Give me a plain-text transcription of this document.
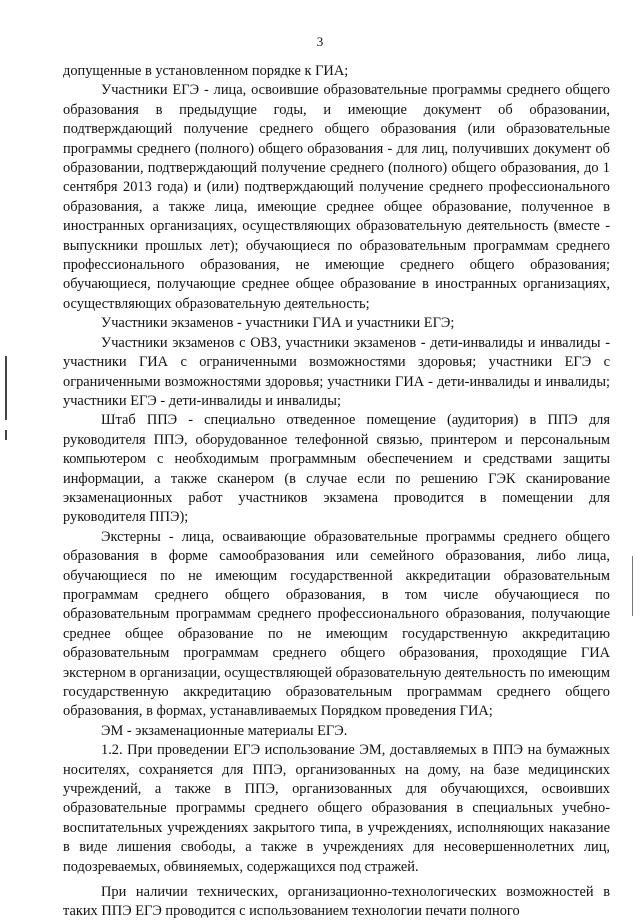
3

допущенные в установленном порядке к ГИА;

Участники ЕГЭ - лица, освоившие образовательные программы среднего общего образования в предыдущие годы, и имеющие документ об образовании, подтверждающий получение среднего общего образования (или образовательные программы среднего (полного) общего образования - для лиц, получивших документ об образовании, подтверждающий получение среднего (полного) общего образования, до 1 сентября 2013 года) и (или) подтверждающий получение среднего профессионального образования, а также лица, имеющие среднее общее образование, полученное в иностранных организациях, осуществляющих образовательную деятельность (вместе - выпускники прошлых лет); обучающиеся по образовательным программам среднего профессионального образования, не имеющие среднего общего образования; обучающиеся, получающие среднее общее образование в иностранных организациях, осуществляющих образовательную деятельность;

Участники экзаменов - участники ГИА и участники ЕГЭ;

Участники экзаменов с ОВЗ, участники экзаменов - дети-инвалиды и инвалиды - участники ГИА с ограниченными возможностями здоровья; участники ЕГЭ с ограниченными возможностями здоровья; участники ГИА - дети-инвалиды и инвалиды; участники ЕГЭ - дети-инвалиды и инвалиды;

Штаб ППЭ - специально отведенное помещение (аудитория) в ППЭ для руководителя ППЭ, оборудованное телефонной связью, принтером и персональным компьютером с необходимым программным обеспечением и средствами защиты информации, а также сканером (в случае если по решению ГЭК сканирование экзаменационных работ участников экзамена проводится в помещении для руководителя ППЭ);

Экстерны - лица, осваивающие образовательные программы среднего общего образования в форме самообразования или семейного образования, либо лица, обучающиеся по не имеющим государственной аккредитации образовательным программам среднего общего образования, в том числе обучающиеся по образовательным программам среднего профессионального образования, получающие среднее общее образование по не имеющим государственную аккредитацию образовательным программам среднего общего образования, проходящие ГИА экстерном в организации, осуществляющей образовательную деятельность по имеющим государственную аккредитацию образовательным программам среднего общего образования, в формах, устанавливаемых Порядком проведения ГИА;

ЭМ - экзаменационные материалы ЕГЭ.

1.2. При проведении ЕГЭ использование ЭМ, доставляемых в ППЭ на бумажных носителях, сохраняется для ППЭ, организованных на дому, на базе медицинских учреждений, а также в ППЭ, организованных для обучающихся, освоивших образовательные программы среднего общего образования в специальных учебно-воспитательных учреждениях закрытого типа, в учреждениях, исполняющих наказание в виде лишения свободы, а также в учреждениях для несовершеннолетних лиц, подозреваемых, обвиняемых, содержащихся под стражей.

При наличии технических, организационно-технологических возможностей в таких ППЭ ЕГЭ проводится с использованием технологии печати полного
